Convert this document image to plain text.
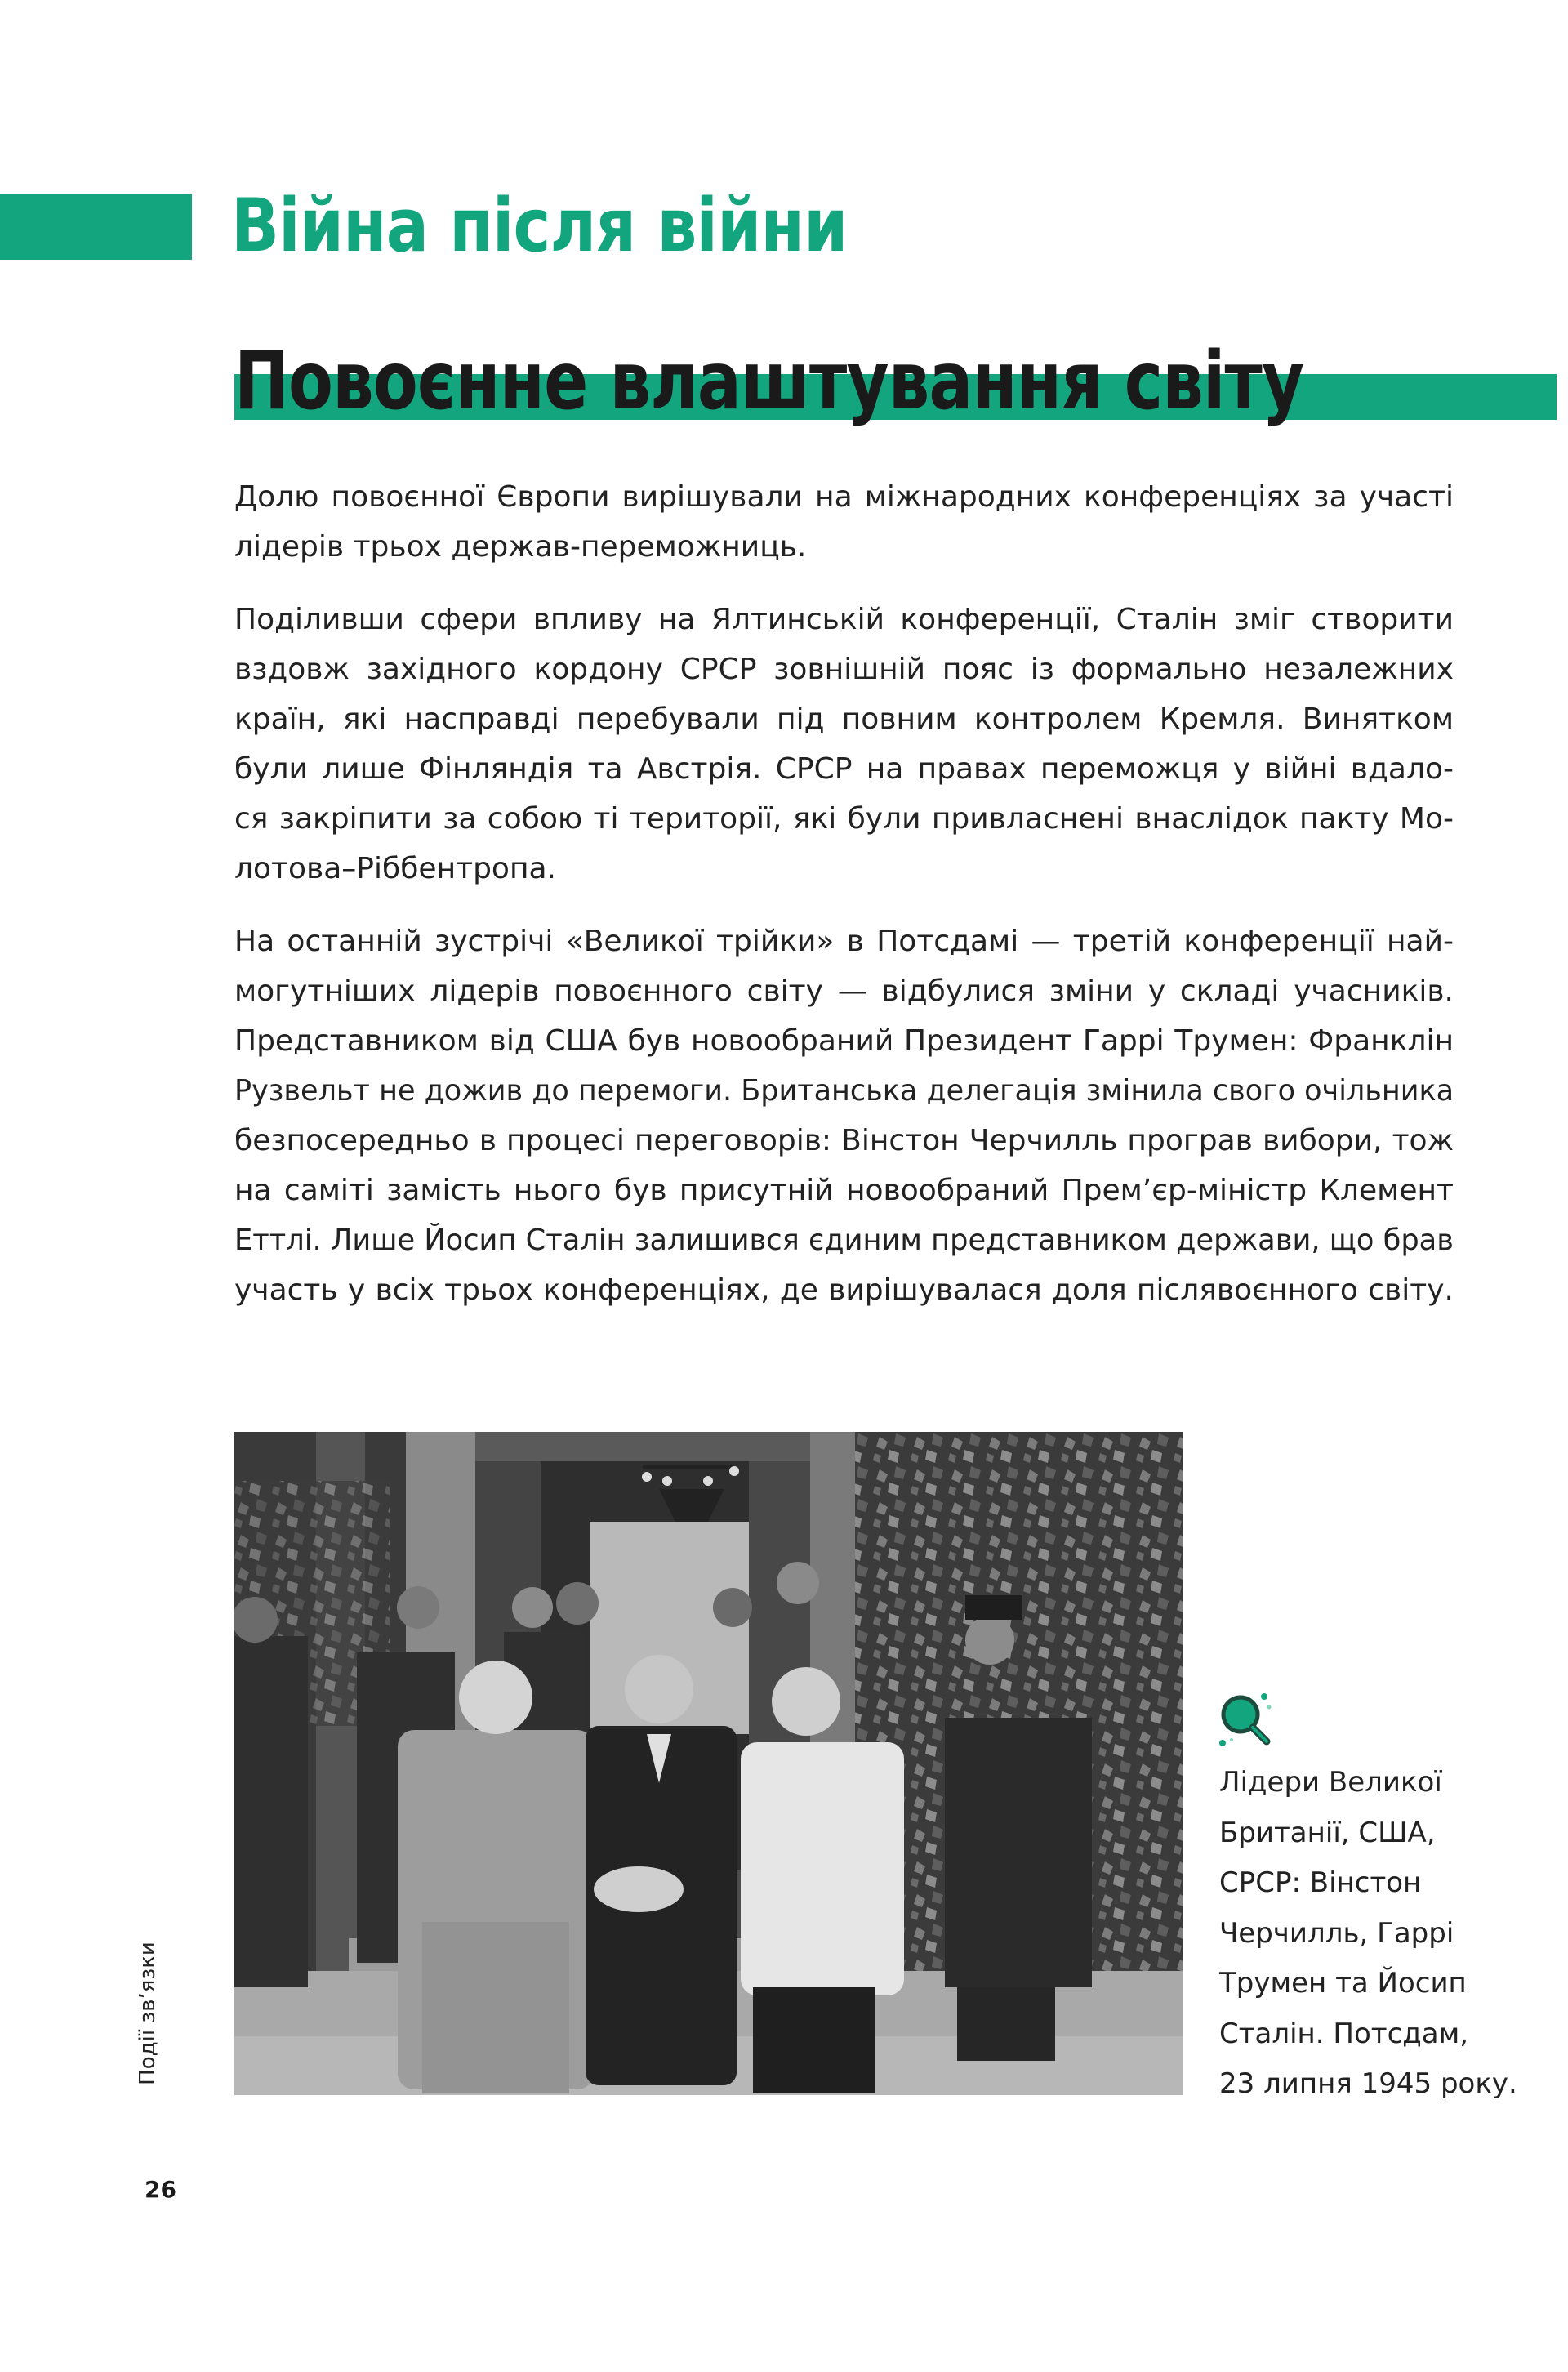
Війна після війни
Повоєнне влаштування світу

Долю повоєнної Європи вирішували на міжнародних конференціях за участі
лідерів трьох держав-переможниць.

Поділивши сфери впливу на Ялтинській конференції, Сталін зміг створити
вздовж західного кордону СРСР зовнішній пояс із формально незалежних
країн, які насправді перебували під повним контролем Кремля. Винятком
були лише Фінляндія та Австрія. СРСР на правах переможця у війні вдало-
ся закріпити за собою ті території, які були привласнені внаслідок пакту Мо-
лотова–Ріббентропа.

На останній зустрічі «Великої трійки» в Потсдамі — третій конференції най-
могутніших лідерів повоєнного світу — відбулися зміни у складі учасників.
Представником від США був новообраний Президент Гаррі Трумен: Франклін
Рузвельт не дожив до перемоги. Британська делегація змінила свого очільника
безпосередньо в процесі переговорів: Вінстон Черчилль програв вибори, тож
на саміті замість нього був присутній новообраний Прем’єр-міністр Клемент
Еттлі. Лише Йосип Сталін залишився єдиним представником держави, що брав
участь у всіх трьох конференціях, де вирішувалася доля післявоєнного світу.

Лідери Великої
Британії, США,
СРСР: Вінстон
Черчилль, Гаррі
Трумен та Йосип
Сталін. Потсдам,
23 липня 1945 року.
Події зв’язки
26
